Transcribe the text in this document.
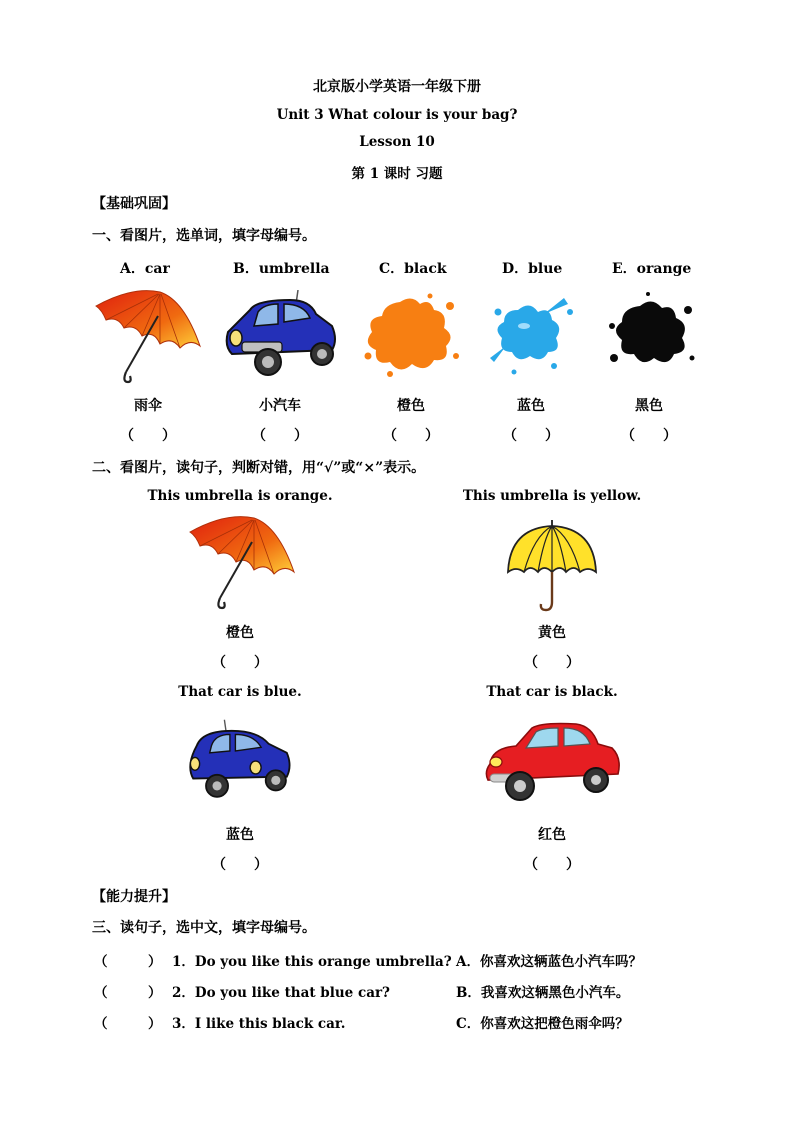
北京版小学英语一年级下册
Unit 3 What colour is your bag?
Lesson 10
第 1 课时 习题
【基础巩固】
一、看图片，选单词，填字母编号。
A．car	B．umbrella	C．black	D．blue	E．orange
雨伞	小汽车	橙色	蓝色	黑色
（　　）	（　　）	（　　）	（　　）	（　　）
二、看图片，读句子，判断对错，用“√”或“×”表示。
This umbrella is orange.	This umbrella is yellow.
橙色	黄色
（　　）	（　　）
That car is blue.	That car is black.
蓝色	红色
（　　）	（　　）
【能力提升】
三、读句子，选中文，填字母编号。
（　　　） 1．Do you like this orange umbrella? A．你喜欢这辆蓝色小汽车吗？
（　　　） 2．Do you like that blue car?	B．我喜欢这辆黑色小汽车。
（　　　） 3．I like this black car.	C．你喜欢这把橙色雨伞吗？
